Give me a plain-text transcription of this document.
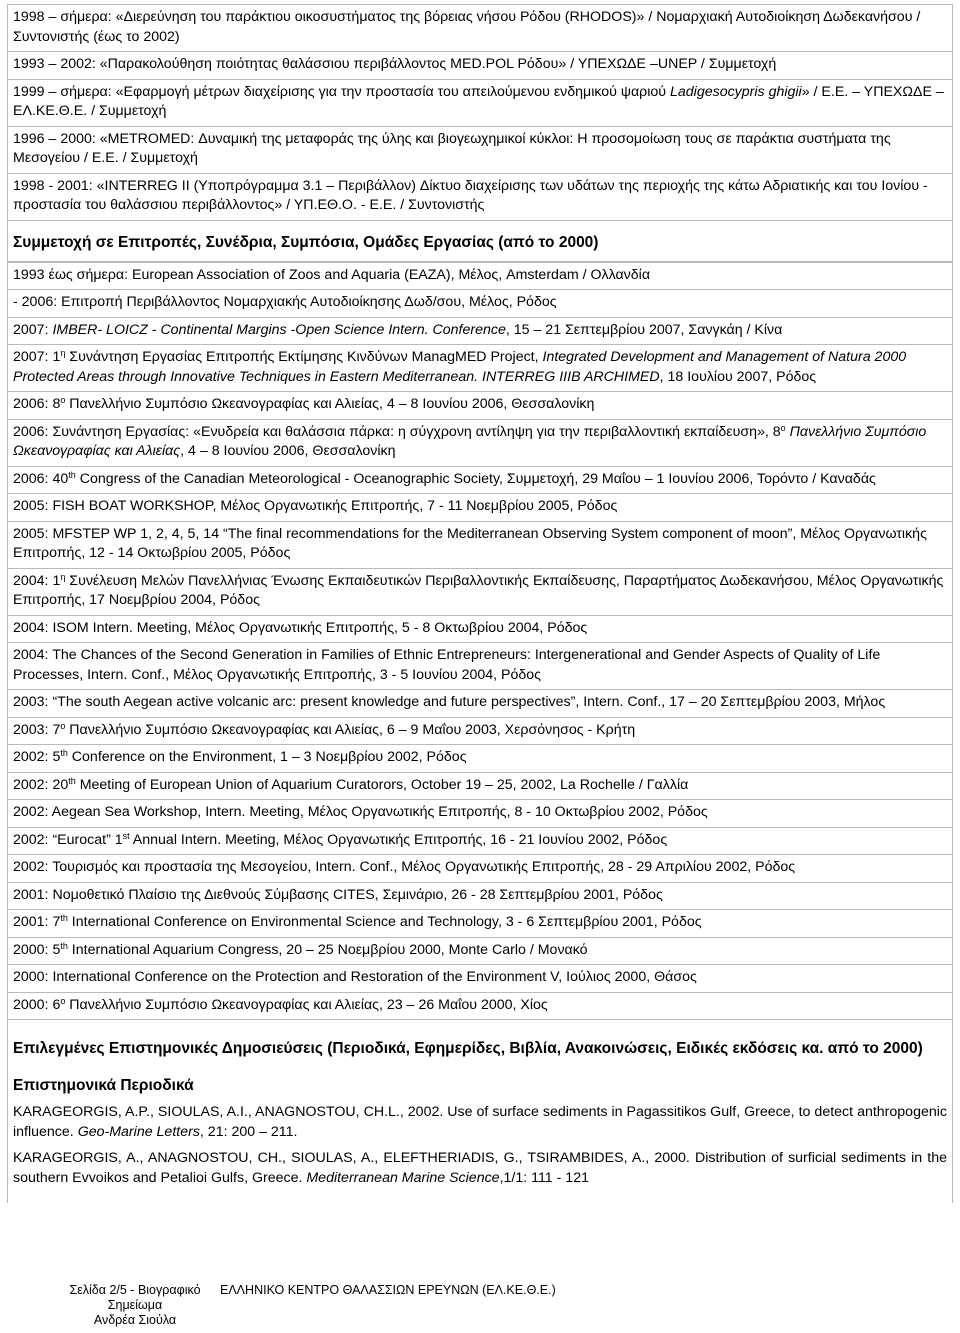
1998 – σήμερα: «Διερεύνηση του παράκτιου οικοσυστήματος της βόρειας νήσου Ρόδου (RHODOS)» / Νομαρχιακή Αυτοδιοίκηση Δωδεκανήσου / Συντονιστής (έως το 2002)
1993 – 2002: «Παρακολούθηση ποιότητας θαλάσσιου περιβάλλοντος MED.POL Ρόδου» / ΥΠΕΧΩΔΕ –UNEP / Συμμετοχή
1999 – σήμερα: «Εφαρμογή μέτρων διαχείρισης για την προστασία του απειλούμενου ενδημικού ψαριού Ladigesocypris ghigii» / Ε.Ε. – ΥΠΕΧΩΔΕ – ΕΛ.ΚΕ.Θ.Ε. / Συμμετοχή
1996 – 2000: «METROMED: Δυναμική της μεταφοράς της ύλης και βιογεωχημικοί κύκλοι: Η προσομοίωση τους σε παράκτια συστήματα της Μεσογείου / Ε.Ε. / Συμμετοχή
1998 - 2001: «INTERREG II (Υποπρόγραμμα 3.1 – Περιβάλλον) Δίκτυο διαχείρισης των υδάτων της περιοχής της κάτω Αδριατικής και του Ιονίου - προστασία του θαλάσσιου περιβάλλοντος» / ΥΠ.ΕΘ.Ο. - Ε.Ε. / Συντονιστής
Συμμετοχή σε Επιτροπές, Συνέδρια, Συμπόσια, Ομάδες Εργασίας (από το 2000)
1993 έως σήμερα: European Association of Zoos and Aquaria (EAZA), Μέλος, Amsterdam / Ολλανδία
- 2006: Επιτροπή Περιβάλλοντος Νομαρχιακής Αυτοδιοίκησης Δωδ/σου, Μέλος, Ρόδος
2007: IMBER- LOICZ - Continental Margins -Open Science Intern. Conference, 15 – 21 Σεπτεμβρίου 2007, Σανγκάη / Κίνα
2007: $1^\eta$ Συνάντηση Εργασίας Επιτροπής Εκτίμησης Κινδύνων ManagMED Project, Integrated Development and Management of Natura 2000 Protected Areas through Innovative Techniques in Eastern Mediterranean. INTERREG IIIB ARCHIMED, 18 Ιουλίου 2007, Ρόδος
2006: $8^o$ Πανελλήνιο Συμπόσιο Ωκεανογραφίας και Αλιείας, 4 – 8 Ιουνίου 2006, Θεσσαλονίκη
2006: Συνάντηση Εργασίας: «Ενυδρεία και θαλάσσια πάρκα: η σύγχρονη αντίληψη για την περιβαλλοντική εκπαίδευση», $8^o$ Πανελλήνιο Συμπόσιο Ωκεανογραφίας και Αλιείας, 4 – 8 Ιουνίου 2006, Θεσσαλονίκη
2006: 40th Congress of the Canadian Meteorological - Oceanographic Society, Συμμετοχή, 29 Μαΐου – 1 Ιουνίου 2006, Τορόντο / Καναδάς
2005: FISH BOAT WORKSHOP, Μέλος Οργανωτικής Επιτροπής, 7 - 11 Νοεμβρίου 2005, Ρόδος
2005: MFSTEP WP 1, 2, 4, 5, 14 “The final recommendations for the Mediterranean Observing System component of moon”, Μέλος Οργανωτικής Επιτροπής, 12 - 14 Οκτωβρίου 2005, Ρόδος
2004: $1^\eta$ Συνέλευση Μελών Πανελλήνιας Ένωσης Εκπαιδευτικών Περιβαλλοντικής Εκπαίδευσης, Παραρτήματος Δωδεκανήσου, Μέλος Οργανωτικής Επιτροπής, 17 Νοεμβρίου 2004, Ρόδος
2004: ISOM Intern. Meeting, Μέλος Οργανωτικής Επιτροπής, 5 - 8 Οκτωβρίου 2004, Ρόδος
2004: The Chances of the Second Generation in Families of Ethnic Entrepreneurs: Intergenerational and Gender Aspects of Quality of Life Processes, Intern. Conf., Μέλος Οργανωτικής Επιτροπής, 3 - 5 Ιουνίου 2004, Ρόδος
2003: “The south Aegean active volcanic arc: present knowledge and future perspectives”, Intern. Conf., 17 – 20 Σεπτεμβρίου 2003, Μήλος
2003: $7^o$ Πανελλήνιο Συμπόσιο Ωκεανογραφίας και Αλιείας, 6 – 9 Μαΐου 2003, Χερσόνησος - Κρήτη
2002: 5th Conference on the Environment, 1 – 3 Νοεμβρίου 2002, Ρόδος
2002: 20th Meeting of European Union of Aquarium Curatorors, October 19 – 25, 2002, La Rochelle / Γαλλία
2002: Aegean Sea Workshop, Intern. Meeting, Μέλος Οργανωτικής Επιτροπής, 8 - 10 Οκτωβρίου 2002, Ρόδος
2002: “Eurocat” 1st Annual Intern. Meeting, Μέλος Οργανωτικής Επιτροπής, 16 - 21 Ιουνίου 2002, Ρόδος
2002: Τουρισμός και προστασία της Μεσογείου, Intern. Conf., Μέλος Οργανωτικής Επιτροπής, 28 - 29 Απριλίου 2002, Ρόδος
2001: Νομοθετικό Πλαίσιο της Διεθνούς Σύμβασης CITES, Σεμινάριο, 26 - 28 Σεπτεμβρίου 2001, Ρόδος
2001: 7th International Conference on Environmental Science and Technology, 3 - 6 Σεπτεμβρίου 2001, Ρόδος
2000: 5th International Aquarium Congress, 20 – 25 Νοεμβρίου 2000, Monte Carlo / Μονακό
2000: International Conference on the Protection and Restoration of the Environment V, Ιούλιος 2000, Θάσος
2000: $6^o$ Πανελλήνιο Συμπόσιο Ωκεανογραφίας και Αλιείας, 23 – 26 Μαΐου 2000, Χίος
Επιλεγμένες Επιστημονικές Δημοσιεύσεις (Περιοδικά, Εφημερίδες, Βιβλία, Ανακοινώσεις, Ειδικές εκδόσεις κα. από το 2000)
Επιστημονικά Περιοδικά

KARAGEORGIS, A.P., SIOULAS, A.I., ANAGNOSTOU, CH.L., 2002. Use of surface sediments in Pagassitikos Gulf, Greece, to detect anthropogenic influence. Geo-Marine Letters, 21: 200 – 211.

KARAGEORGIS, A., ANAGNOSTOU, CH., SIOULAS, A., ELEFTHERIADIS, G., TSIRAMBIDES, A., 2000. Distribution of surficial sediments in the southern Evvoikos and Petalioi Gulfs, Greece. Mediterranean Marine Science,1/1: 111 - 121

Σελίδα 2/5 - Βιογραφικό
Σημείωμα
Ανδρέα Σιούλα
ΕΛΛΗΝΙΚΟ ΚΕΝΤΡΟ ΘΑΛΑΣΣΙΩΝ ΕΡΕΥΝΩΝ (ΕΛ.ΚΕ.Θ.Ε.)
